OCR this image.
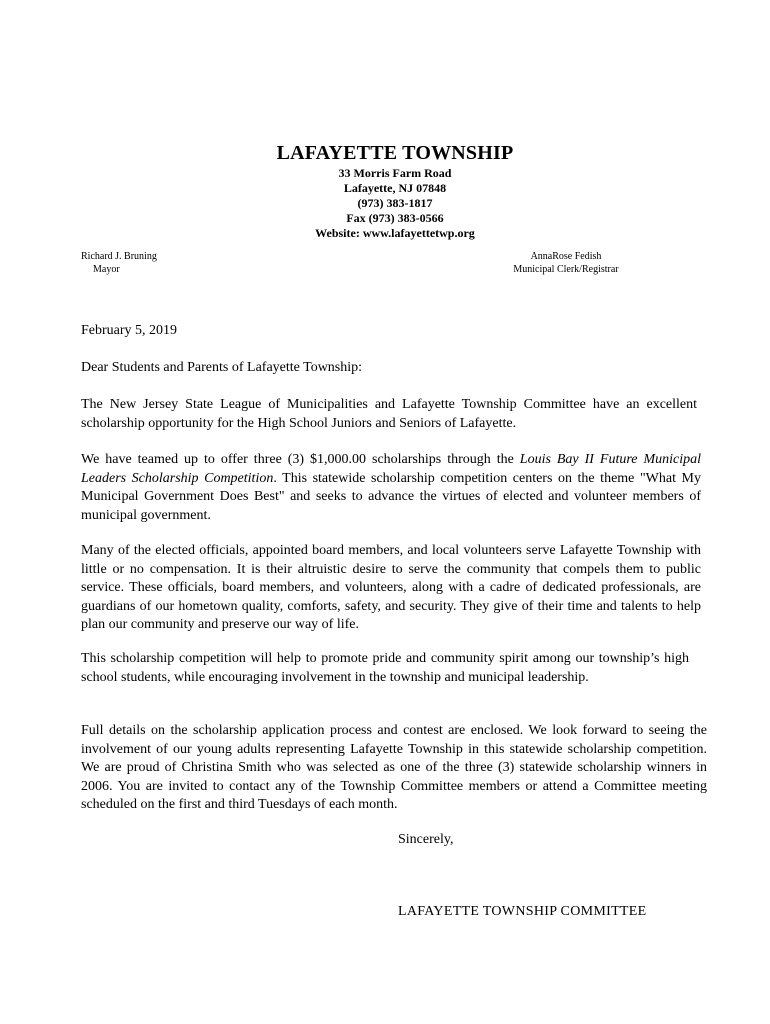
LAFAYETTE TOWNSHIP
33 Morris Farm Road
Lafayette, NJ 07848
(973) 383-1817
Fax (973) 383-0566
Website: www.lafayettetwp.org
Richard J. Bruning
Mayor
AnnaRose Fedish
Municipal Clerk/Registrar
February 5, 2019
Dear Students and Parents of Lafayette Township:
The New Jersey State League of Municipalities and Lafayette Township Committee have an excellent scholarship opportunity for the High School Juniors and Seniors of Lafayette.
We have teamed up to offer three (3) $1,000.00 scholarships through the Louis Bay II Future Municipal Leaders Scholarship Competition. This statewide scholarship competition centers on the theme "What My Municipal Government Does Best" and seeks to advance the virtues of elected and volunteer members of municipal government.
Many of the elected officials, appointed board members, and local volunteers serve Lafayette Township with little or no compensation. It is their altruistic desire to serve the community that compels them to public service. These officials, board members, and volunteers, along with a cadre of dedicated professionals, are guardians of our hometown quality, comforts, safety, and security. They give of their time and talents to help plan our community and preserve our way of life.
This scholarship competition will help to promote pride and community spirit among our township’s high school students, while encouraging involvement in the township and municipal leadership.
Full details on the scholarship application process and contest are enclosed. We look forward to seeing the involvement of our young adults representing Lafayette Township in this statewide scholarship competition. We are proud of Christina Smith who was selected as one of the three (3) statewide scholarship winners in 2006. You are invited to contact any of the Township Committee members or attend a Committee meeting scheduled on the first and third Tuesdays of each month.
Sincerely,
LAFAYETTE TOWNSHIP COMMITTEE
